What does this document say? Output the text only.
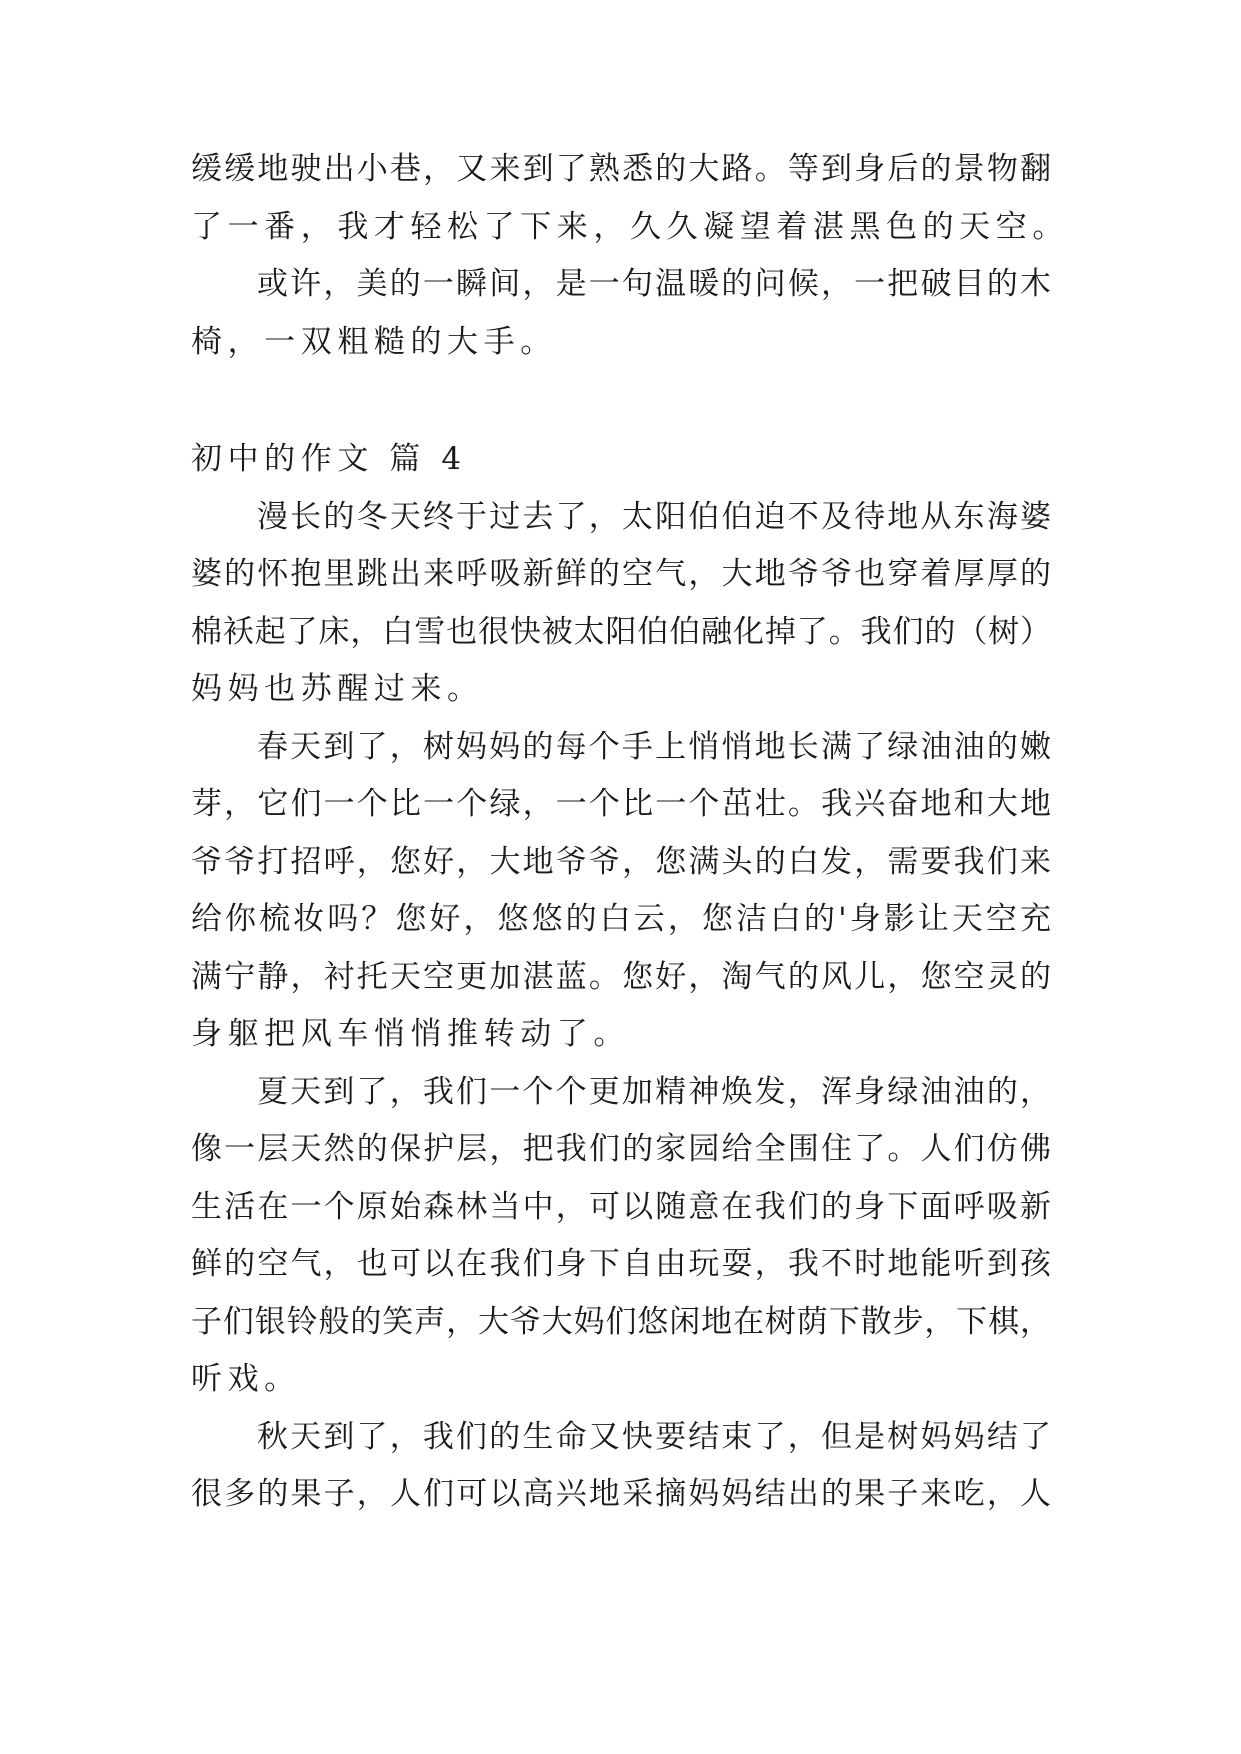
缓缓地驶出小巷，又来到了熟悉的大路。等到身后的景物翻
了一番，我才轻松了下来，久久凝望着湛黑色的天空。
或许，美的一瞬间，是一句温暖的问候，一把破目的木
椅，一双粗糙的大手。
初中的作文 篇 4
漫长的冬天终于过去了，太阳伯伯迫不及待地从东海婆
婆的怀抱里跳出来呼吸新鲜的空气，大地爷爷也穿着厚厚的
棉袄起了床，白雪也很快被太阳伯伯融化掉了。我们的（树）
妈妈也苏醒过来。
春天到了，树妈妈的每个手上悄悄地长满了绿油油的嫩
芽，它们一个比一个绿，一个比一个茁壮。我兴奋地和大地
爷爷打招呼，您好，大地爷爷，您满头的白发，需要我们来
给你梳妆吗？您好，悠悠的白云，您洁白的'身影让天空充
满宁静，衬托天空更加湛蓝。您好，淘气的风儿，您空灵的
身躯把风车悄悄推转动了。
夏天到了，我们一个个更加精神焕发，浑身绿油油的，
像一层天然的保护层，把我们的家园给全围住了。人们仿佛
生活在一个原始森林当中，可以随意在我们的身下面呼吸新
鲜的空气，也可以在我们身下自由玩耍，我不时地能听到孩
子们银铃般的笑声，大爷大妈们悠闲地在树荫下散步，下棋，
听戏。
秋天到了，我们的生命又快要结束了，但是树妈妈结了
很多的果子，人们可以高兴地采摘妈妈结出的果子来吃，人
